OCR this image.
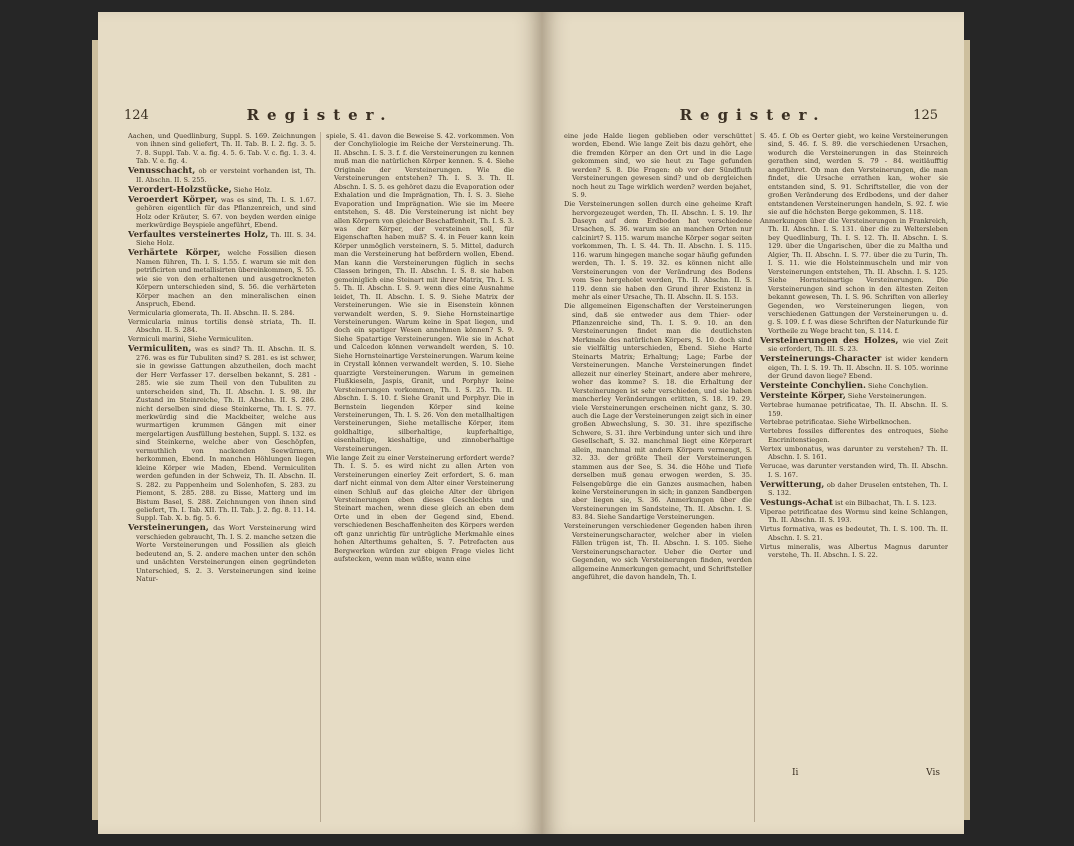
124	Register.

Aachen, und Quedlinburg, Suppl. S. 169. Zeichnungen von ihnen sind geliefert, Th. II. Tab. B. I. 2. fig. 3. 5. 7. 8. Suppl. Tab. V. a. fig. 4. 5. 6. Tab. V. c. fig. 1. 3. 4. Tab. V. e. fig. 4.

Venusschacht, ob er versteint vorhanden ist, Th. II. Abschn. II. S. 255.

Verordert-Holzstücke, Siehe Holz.

Veroerdert Körper, was es sind, Th. I. S. 1.67. gehören eigentlich für das Pflanzenreich, und sind Holz oder Kräuter, S. 67. von beyden werden einige merkwürdige Beyspiele angeführt, Ebend.

Verfaultes versteinertes Holz, Th. III. S. 34. Siehe Holz.

Verhärtete Körper, welche Fossilien diesen Namen führen, Th. I. S. 1.55. f. warum sie mit den petrificirten und metallisirten übereinkommen, S. 55. wie sie von den erhaltenen und ausgetrockneten Körpern unterschieden sind, S. 56. die verhärteten Körper machen an den mineralischen einen Anspruch, Ebend.

Vermicularia glomerata, Th. II. Abschn. II. S. 284.

Vermicularia minus tortilis densè striata, Th. II. Abschn. II. S. 284.

Vermiculi marini, Siehe Vermiculiten.

Vermiculiten, was es sind? Th. II. Abschn. II. S. 276. was es für Tubuliten sind? S. 281. es ist schwer, sie in gewisse Gattungen abzutheilen, doch macht der Herr Verfasser 17. derselben bekannt, S. 281 - 285. wie sie zum Theil von den Tubuliten zu unterscheiden sind, Th. II. Abschn. I. S. 98. ihr Zustand im Steinreiche, Th. II. Abschn. II. S. 286. nicht derselben sind diese Steinkerne, Th. I. S. 77. merkwürdig sind die Mackbeiter, welche aus wurmartigen krummen Gängen mit einer mergelartigen Ausfüllung bestehen, Suppl. S. 132. es sind Steinkerne, welche aber von Geschöpfen, vermuthlich von nackenden Seewürmern, herkommen, Ebend. In manchen Höhlungen liegen kleine Körper wie Maden, Ebend. Vermiculiten werden gefunden in der Schweiz, Th. II. Abschn. II. S. 282. zu Pappenheim und Solenhofen, S. 283. zu Piemont, S. 285. 288. zu Bisse, Matterg und im Bistum Basel, S. 288. Zeichnungen von ihnen sind geliefert, Th. I. Tab. XII. Th. II. Tab. J. 2. fig. 8. 11. 14. Suppl. Tab. X. b. fig. 5. 6.

Versteinerungen, das Wort Versteinerung wird verschieden gebraucht, Th. I. S. 2. manche setzen die Worte Versteinerungen und Fossilien als gleich bedeutend an, S. 2. andere machen unter den schön und unächten Versteinerungen einen gegründeten Unterschied, S. 2. 3. Versteinerungen sind keine Natur-

spiele, S. 41. davon die Beweise S. 42. vorkommen. Von der Conchyliologie im Reiche der Versteinerung. Th. II. Abschn. I. S. 3. f. f. die Versteinerungen zu kennen muß man die natürlichen Körper kennen. S. 4. Siehe Originale der Versteinerungen. Wie die Versteinerungen entstehen? Th. I. S. 3. Th. II. Abschn. I. S. 5. es gehöret dazu die Evaporation oder Exhalation und die Imprägnation, Th. I. S. 3. Siehe Evaporation und Imprägnation. Wie sie im Meere entstehen, S. 48. Die Versteinerung ist nicht bey allen Körpern von gleicher Beschaffenheit, Th. I. S. 3. was der Körper, der versteinen soll, für Eigenschaften haben muß? S. 4. in Feuer kann kein Körper unmöglich versteinern, S. 5. Mittel, dadurch man die Versteinerung hat befördern wollen, Ebend. Man kann die Versteinerungen füglich in sechs Classen bringen, Th. II. Abschn. I. S. 8. sie haben gemeiniglich eine Steinart mit ihrer Matrix, Th. I. S. 5. Th. II. Abschn. I. S. 9. wenn dies eine Ausnahme leidet, Th. II. Abschn. I. S. 9. Siehe Matrix der Versteinerungen. Wie sie in Eisenstein können verwandelt werden, S. 9. Siehe Hornsteinartige Versteinerungen. Warum keine in Spat liegen, und doch ein spatiger Wesen annehmen können? S. 9. Siehe Spatartige Versteinerungen. Wie sie in Achat und Calcedon können verwandelt werden, S. 10. Siehe Hornsteinartige Versteinerungen. Warum keine in Crystall können verwandelt werden, S. 10. Siehe quarzigte Versteinerungen. Warum in gemeinen Flußkieseln, Jaspis, Granit, und Porphyr keine Versteinerungen vorkommen, Th. I. S. 25. Th. II. Abschn. I. S. 10. f. Siehe Granit und Porphyr. Die in Bernstein liegenden Körper sind keine Versteinerungen, Th. I. S. 26. Von den metallhaltigen Versteinerungen, Siehe metallische Körper, item goldhaltige, silberhaltige, kupferhaltige, eisenhaltige, kieshaltige, und zinnoberhaltige Versteinerungen.

Wie lange Zeit zu einer Versteinerung erfordert werde? Th. I. S. 5. es wird nicht zu allen Arten von Versteinerungen einerley Zeit erfordert, S. 6. man darf nicht einmal von dem Alter einer Versteinerung einen Schluß auf das gleiche Alter der übrigen Versteinerungen eben dieses Geschlechts und Steinart machen, wenn diese gleich an eben dem Orte und in eben der Gegend sind, Ebend. verschiedenen Beschaffenheiten des Körpers werden oft ganz unrichtig für untrügliche Merkmahle eines hohen Alterthums gehalten, S. 7. Petrefacten aus Bergwerken würden zur ebigen Frage vieles licht aufstecken, wenn man wüßte, wann eine

Register.	125

eine jede Halde liegen geblieben oder verschüttet worden, Ebend. Wie lange Zeit bis dazu gehört, ehe die fremden Körper an den Ort und in die Lage gekommen sind, wo sie heut zu Tage gefunden werden? S. 8. Die Fragen: ob vor der Sündfluth Versteinerungen gewesen sind? und ob dergleichen noch heut zu Tage wirklich werden? werden bejahet, S. 9.

Die Versteinerungen sollen durch eine geheime Kraft hervorgezeuget werden, Th. II. Abschn. I. S. 19. Ihr Daseyn auf dem Erdboden hat verschiedene Ursachen, S. 36. warum sie an manchen Orten nur calcinirt? S. 115. warum manche Körper sogar seiten vorkommen, Th. I. S. 44. Th. II. Abschn. I. S. 115. 116. warum hingegen manche sogar häufig gefunden werden, Th. I. S. 19. 32. es können nicht alle Versteinerungen von der Verändrung des Bodens vom See hergeholet werden, Th. II. Abschn. II. S. 119. denn sie haben den Grund ihrer Existenz in mehr als einer Ursache, Th. II. Abschn. II. S. 153.

Die allgemeinen Eigenschaften der Versteinerungen sind, daß sie entweder aus dem Thier- oder Pflanzenreiche sind, Th. I. S. 9. 10. an den Versteinerungen findet man die deutlichsten Merkmale des natürlichen Körpers, S. 10. doch sind sie vielfältig unterschieden, Ebend. Siehe Harte Steinarts Matrix; Erhaltung; Lage; Farbe der Versteinerungen. Manche Versteinerungen findet allezeit nur einerley Steinart, andere aber mehrere, woher das komme? S. 18. die Erhaltung der Versteinerungen ist sehr verschieden, und sie haben mancherley Veränderungen erlitten, S. 18. 19. 29. viele Versteinerungen erscheinen nicht ganz, S. 30. auch die Lage der Versteinerungen zeigt sich in einer großen Abwechslung, S. 30. 31. ihre spezifische Schwere, S. 31. ihre Verbindung unter sich und ihre Gesellschaft, S. 32. manchmal liegt eine Körperart allein, manchmal mit andern Körpern vermengt, S. 32. 33. der größte Theil der Versteinerungen stammen aus der See, S. 34. die Höhe und Tiefe derselben muß genau erwogen werden, S. 35. Felsengebürge die ein Ganzes ausmachen, haben keine Versteinerungen in sich; in ganzen Sandbergen aber liegen sie, S. 36. Anmerkungen über die Versteinerungen im Sandsteine, Th. II. Abschn. I. S. 83. 84. Siehe Sandartige Versteinerungen.

Versteinerungen verschiedener Gegenden haben ihren Versteinerungscharacter, welcher aber in vielen Fällen trügen ist, Th. II. Abschn. I. S. 105. Siehe Versteinerungscharacter. Ueber die Oerter und Gegenden, wo sich Versteinerungen finden, werden allgemeine Anmerkungen gemacht, und Schriftsteller angeführet, die davon handeln, Th. I.

S. 45. f. Ob es Oerter giebt, wo keine Versteinerungen sind, S. 46. f. S. 89. die verschiedenen Ursachen, wodurch die Versteinerungen in das Steinreich gerathen sind, werden S. 79 - 84. weitläufftig angeführet. Ob man den Versteinerungen, die man findet, die Ursache errathen kan, woher sie entstanden sind, S. 91. Schriftsteller, die von der großen Veränderung des Erdbodens, und der daher entstandenen Versteinerungen handeln, S. 92. f. wie sie auf die höchsten Berge gekommen, S. 118.

Anmerkungen über die Versteinerungen in Frankreich, Th. II. Abschn. I. S. 131. über die zu Weltersleben bey Quedlinburg, Th. I. S. 12. Th. II. Abschn. I. S. 129. über die Ungarischen, über die zu Maltha und Algier, Th. II. Abschn. I. S. 77. über die zu Turin, Th. I. S. 11. wie die Holsteinmuscheln und mir von Versteinerungen entstehen, Th. II. Abschn. I. S. 125. Siehe Hornsteinartige Versteinerungen. Die Versteinerungen sind schon in den ältesten Zeiten bekannt gewesen, Th. I. S. 96. Schriften von allerley Gegenden, wo Versteinerungen liegen, von verschiedenen Gattungen der Versteinerungen u. d. g. S. 109. f. f. was diese Schriften der Naturkunde für Vortheile zu Wege bracht ten, S. 114. f.

Versteinerungen des Holzes, wie viel Zeit sie erfordert, Th. III. S. 23.

Versteinerungs-Character ist wider kendern eigen, Th. I. S. 19. Th. II. Abschn. II. S. 105. worinne der Grund davon liege? Ebend.

Versteinte Conchylien. Siehe Conchylien.

Versteinte Körper, Siehe Versteinerungen.

Vertebrae humanae petrificatae, Th. II. Abschn. II. S. 159.

Vertebrae petrificatae. Siehe Wirbelknochen.

Vertebres fossiles differentes des entroques, Siehe Encrinitenstiegen.

Vertex umbonatus, was darunter zu verstehen? Th. II. Abschn. I. S. 161.

Verucae, was darunter verstanden wird, Th. II. Abschn. I. S. 167.

Verwitterung, ob daher Druselen entstehen, Th. I. S. 132.

Vestungs-Achat ist ein Bilbachat, Th. I. S. 123.

Viperae petrificatae des Wormu sind keine Schlangen, Th. II. Abschn. II. S. 193.

Virtus formativa, was es bedeutet, Th. I. S. 100. Th. II. Abschn. I. S. 21.

Virtus mineralis, was Albertus Magnus darunter verstehe, Th. II. Abschn. I. S. 22.

Ii	Vis
